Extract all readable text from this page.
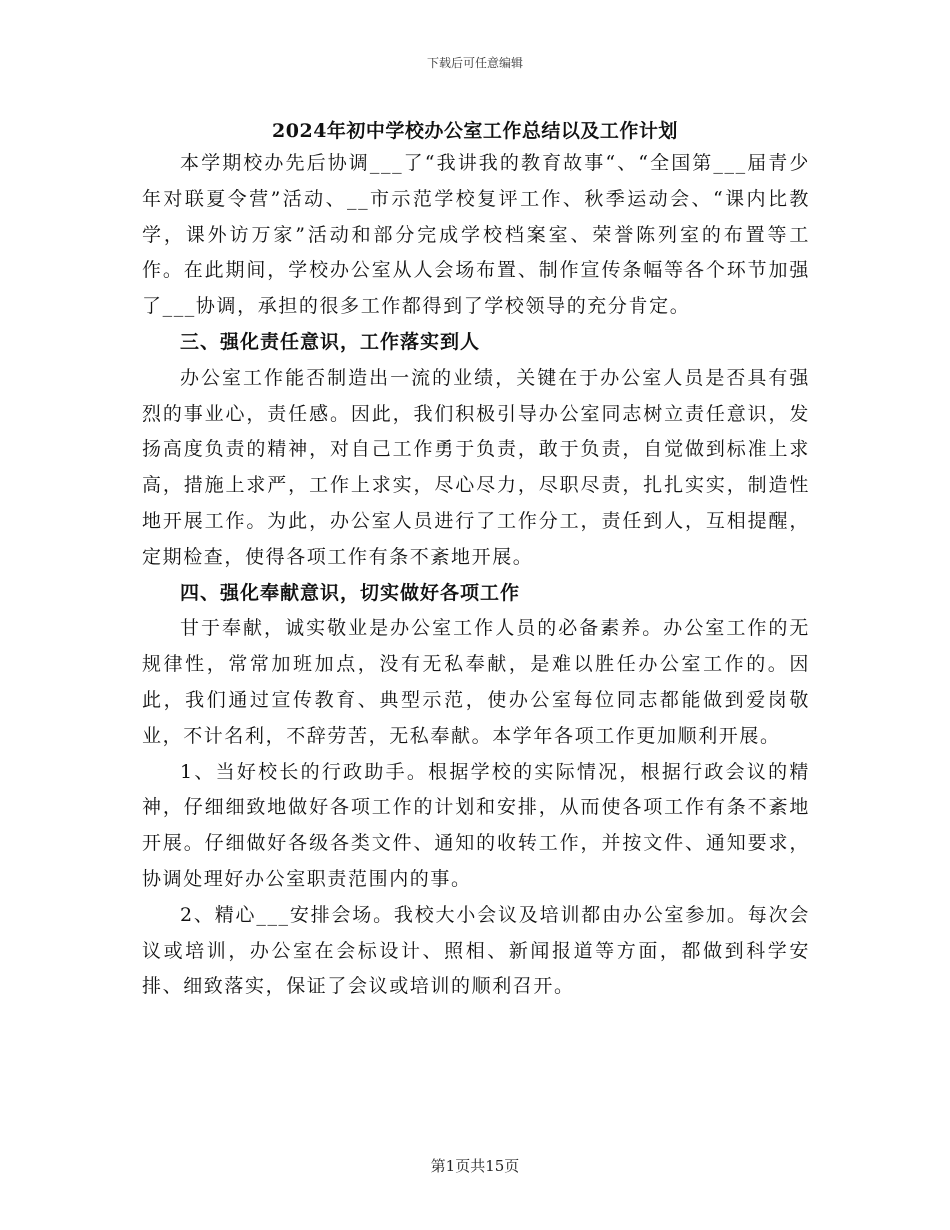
下载后可任意编辑
2024年初中学校办公室工作总结以及工作计划

本学期校办先后协调___了“我讲我的教育故事“、“全国第___届青少年对联夏令营”活动、__市示范学校复评工作、秋季运动会、“课内比教学，课外访万家”活动和部分完成学校档案室、荣誉陈列室的布置等工作。在此期间，学校办公室从人会场布置、制作宣传条幅等各个环节加强了___协调，承担的很多工作都得到了学校领导的充分肯定。

三、强化责任意识，工作落实到人

办公室工作能否制造出一流的业绩，关键在于办公室人员是否具有强烈的事业心，责任感。因此，我们积极引导办公室同志树立责任意识，发扬高度负责的精神，对自己工作勇于负责，敢于负责，自觉做到标准上求高，措施上求严，工作上求实，尽心尽力，尽职尽责，扎扎实实，制造性地开展工作。为此，办公室人员进行了工作分工，责任到人，互相提醒，定期检查，使得各项工作有条不紊地开展。

四、强化奉献意识，切实做好各项工作

甘于奉献，诚实敬业是办公室工作人员的必备素养。办公室工作的无规律性，常常加班加点，没有无私奉献，是难以胜任办公室工作的。因此，我们通过宣传教育、典型示范，使办公室每位同志都能做到爱岗敬业，不计名利，不辞劳苦，无私奉献。本学年各项工作更加顺利开展。

1、当好校长的行政助手。根据学校的实际情况，根据行政会议的精神，仔细细致地做好各项工作的计划和安排，从而使各项工作有条不紊地开展。仔细做好各级各类文件、通知的收转工作，并按文件、通知要求，协调处理好办公室职责范围内的事。

2、精心___安排会场。我校大小会议及培训都由办公室参加。每次会议或培训，办公室在会标设计、照相、新闻报道等方面，都做到科学安排、细致落实，保证了会议或培训的顺利召开。

第1页共15页
